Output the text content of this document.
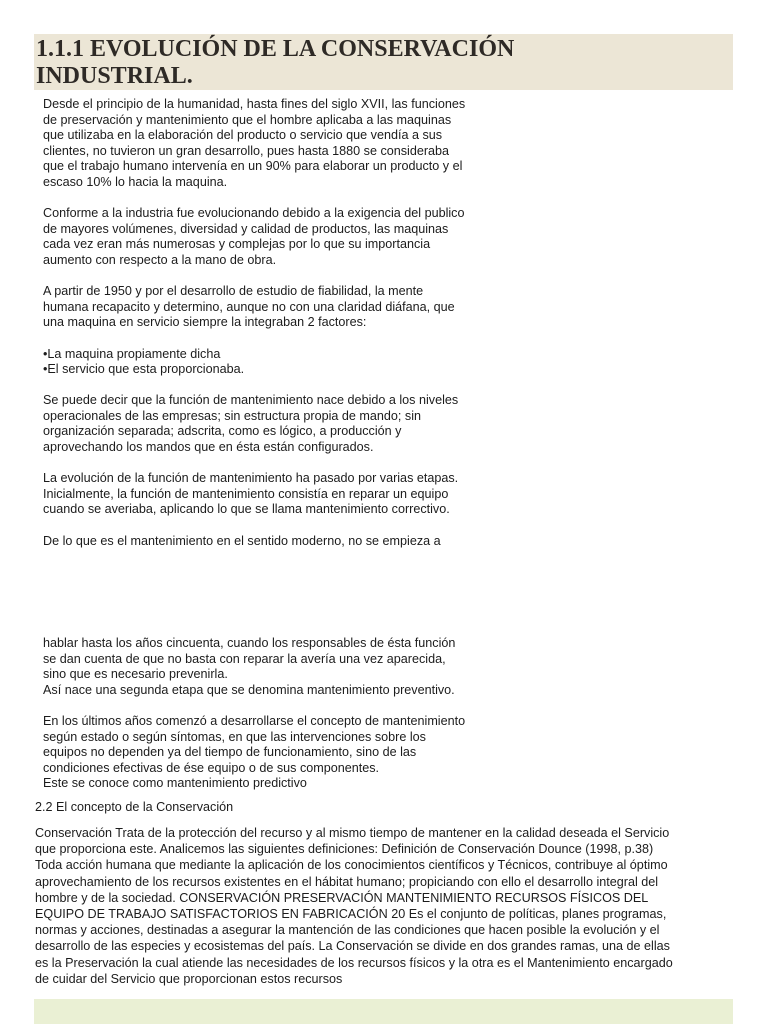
1.1.1 EVOLUCIÓN DE LA CONSERVACIÓN
INDUSTRIAL.

Desde el principio de la humanidad, hasta fines del siglo XVII, las funciones
de preservación y mantenimiento que el hombre aplicaba a las maquinas
que utilizaba en la elaboración del producto o servicio que vendía a sus
clientes, no tuvieron un gran desarrollo, pues hasta 1880 se consideraba
que el trabajo humano intervenía en un 90% para elaborar un producto y el
escaso 10% lo hacia la maquina.

Conforme a la industria fue evolucionando debido a la exigencia del publico
de mayores volúmenes, diversidad y calidad de productos, las maquinas
cada vez eran más numerosas y complejas por lo que su importancia
aumento con respecto a la mano de obra.

A partir de 1950 y por el desarrollo de estudio de fiabilidad, la mente
humana recapacito y determino, aunque no con una claridad diáfana, que
una maquina en servicio siempre la integraban 2 factores:

•La maquina propiamente dicha
•El servicio que esta proporcionaba.

Se puede decir que la función de mantenimiento nace debido a los niveles
operacionales de las empresas; sin estructura propia de mando; sin
organización separada; adscrita, como es lógico, a producción y
aprovechando los mandos que en ésta están configurados.

La evolución de la función de mantenimiento ha pasado por varias etapas.
Inicialmente, la función de mantenimiento consistía en reparar un equipo
cuando se averiaba, aplicando lo que se llama mantenimiento correctivo.

De lo que es el mantenimiento en el sentido moderno, no se empieza a

hablar hasta los años cincuenta, cuando los responsables de ésta función
se dan cuenta de que no basta con reparar la avería una vez aparecida,
sino que es necesario prevenirla.
Así nace una segunda etapa que se denomina mantenimiento preventivo.

En los últimos años comenzó a desarrollarse el concepto de mantenimiento
según estado o según síntomas, en que las intervenciones sobre los
equipos no dependen ya del tiempo de funcionamiento, sino de las
condiciones efectivas de ése equipo o de sus componentes.
Este se conoce como mantenimiento predictivo

2.2 El concepto de la Conservación

Conservación Trata de la protección del recurso y al mismo tiempo de mantener en la calidad deseada el Servicio
que proporciona este. Analicemos las siguientes definiciones: Definición de Conservación Dounce (1998, p.38)
Toda acción humana que mediante la aplicación de los conocimientos científicos y Técnicos, contribuye al óptimo
aprovechamiento de los recursos existentes en el hábitat humano; propiciando con ello el desarrollo integral del
hombre y de la sociedad. CONSERVACIÓN PRESERVACIÓN MANTENIMIENTO RECURSOS FÍSICOS DEL
EQUIPO DE TRABAJO SATISFACTORIOS EN FABRICACIÓN 20 Es el conjunto de políticas, planes programas,
normas y acciones, destinadas a asegurar la mantención de las condiciones que hacen posible la evolución y el
desarrollo de las especies y ecosistemas del país. La Conservación se divide en dos grandes ramas, una de ellas
es la Preservación la cual atiende las necesidades de los recursos físicos y la otra es el Mantenimiento encargado
de cuidar del Servicio que proporcionan estos recursos
